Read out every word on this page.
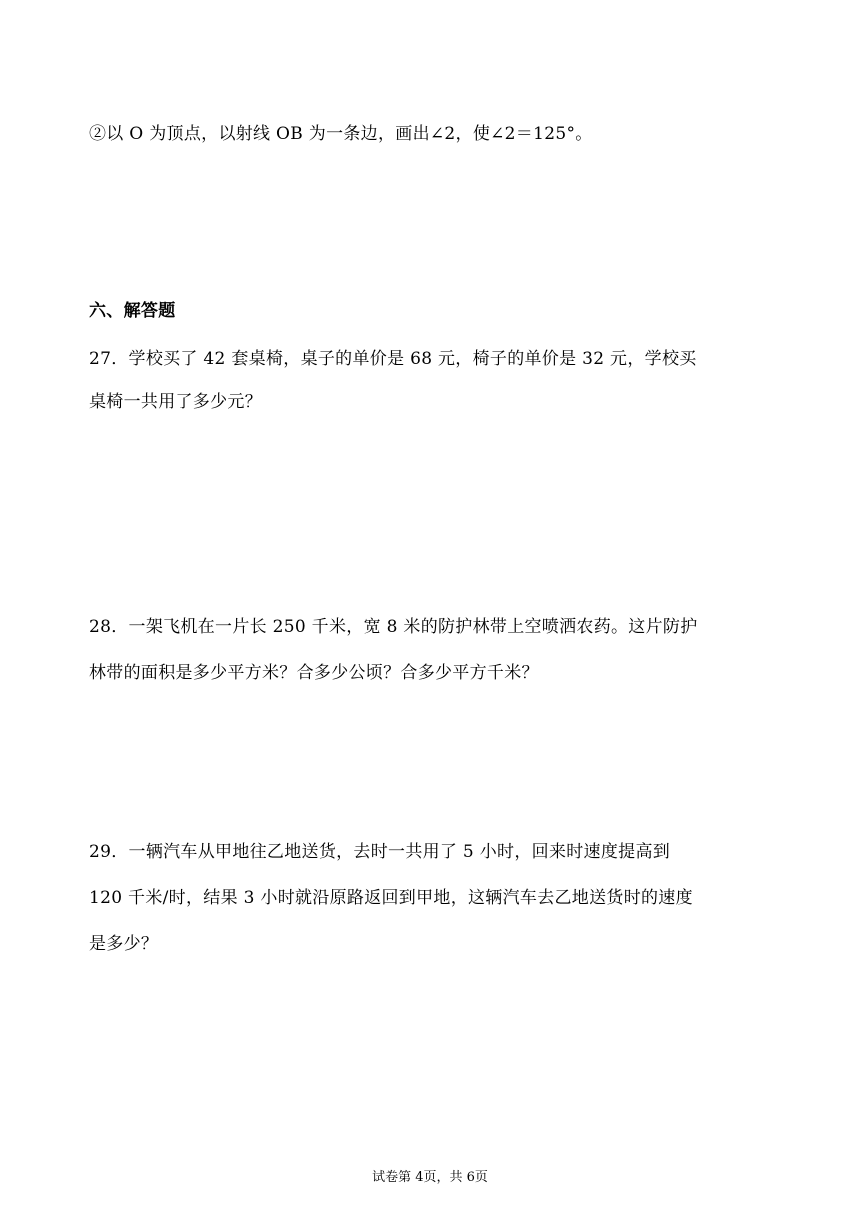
②以 O 为顶点，以射线 OB 为一条边，画出∠2，使∠2＝125°。
六、解答题
27．学校买了 42 套桌椅，桌子的单价是 68 元，椅子的单价是 32 元，学校买
桌椅一共用了多少元？
28．一架飞机在一片长 250 千米，宽 8 米的防护林带上空喷洒农药。这片防护
林带的面积是多少平方米？合多少公顷？合多少平方千米？
29．一辆汽车从甲地往乙地送货，去时一共用了 5 小时，回来时速度提高到
120 千米/时，结果 3 小时就沿原路返回到甲地，这辆汽车去乙地送货时的速度
是多少？
试卷第 4页，共 6页
